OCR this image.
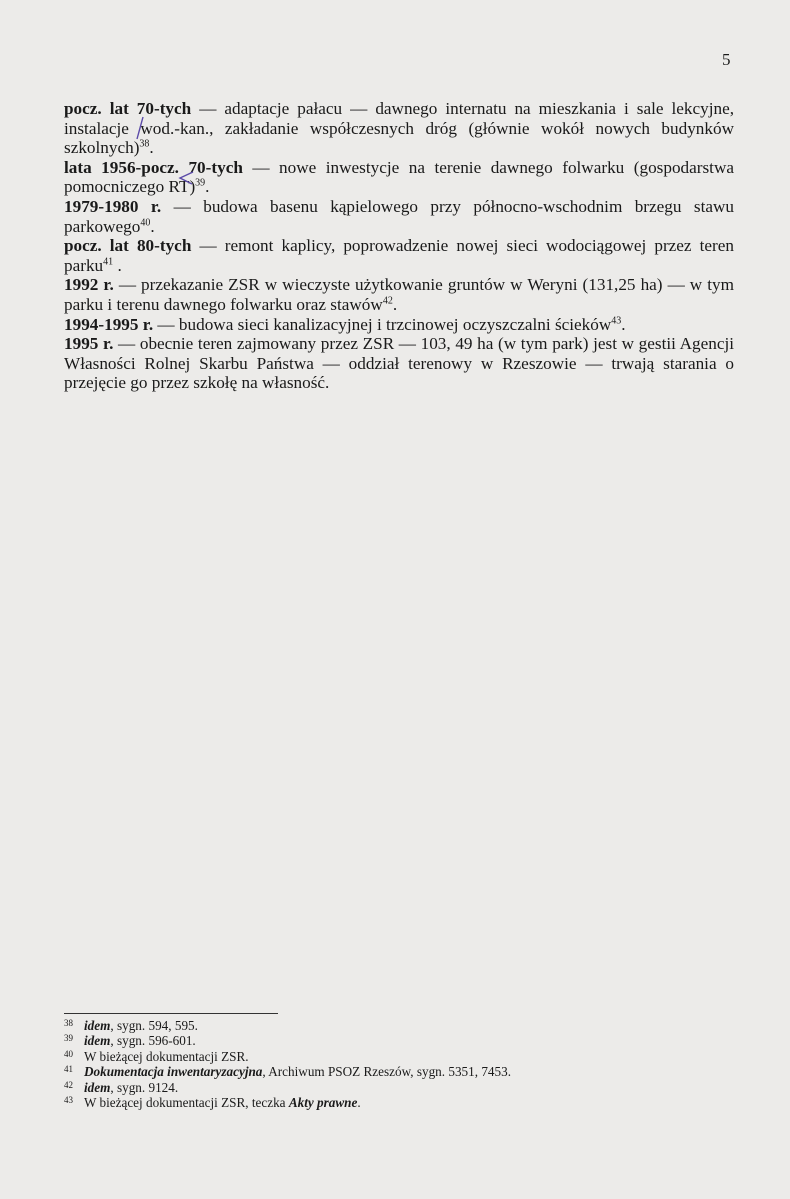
5

pocz. lat 70-tych — adaptacje pałacu — dawnego internatu na mieszkania i sale lekcyjne, instalacje wod.-kan., zakładanie współczesnych dróg (głównie wokół nowych budynków szkolnych)$^{38}$.

lata 1956-pocz. 70-tych — nowe inwestycje na terenie dawnego folwarku (gospodarstwa pomocniczego RT)$^{39}$.

1979-1980 r. — budowa basenu kąpielowego przy północno-wschodnim brzegu stawu parkowego$^{40}$.

pocz. lat 80-tych — remont kaplicy, poprowadzenie nowej sieci wodociągowej przez teren parku$^{41}$ .

1992 r. — przekazanie ZSR w wieczyste użytkowanie gruntów w Weryni (131,25 ha) — w tym parku i terenu dawnego folwarku oraz stawów$^{42}$.

1994-1995 r. — budowa sieci kanalizacyjnej i trzcinowej oczyszczalni ścieków$^{43}$.

1995 r. — obecnie teren zajmowany przez ZSR — 103, 49 ha (w tym park) jest w gestii Agencji Własności Rolnej Skarbu Państwa — oddział terenowy w Rzeszowie — trwają starania o przejęcie go przez szkołę na własność.

38 idem, sygn. 594, 595.
39 idem, sygn. 596-601.
40 W bieżącej dokumentacji ZSR.
41 Dokumentacja inwentaryzacyjna, Archiwum PSOZ Rzeszów, sygn. 5351, 7453.
42 idem, sygn. 9124.
43 W bieżącej dokumentacji ZSR, teczka Akty prawne.
